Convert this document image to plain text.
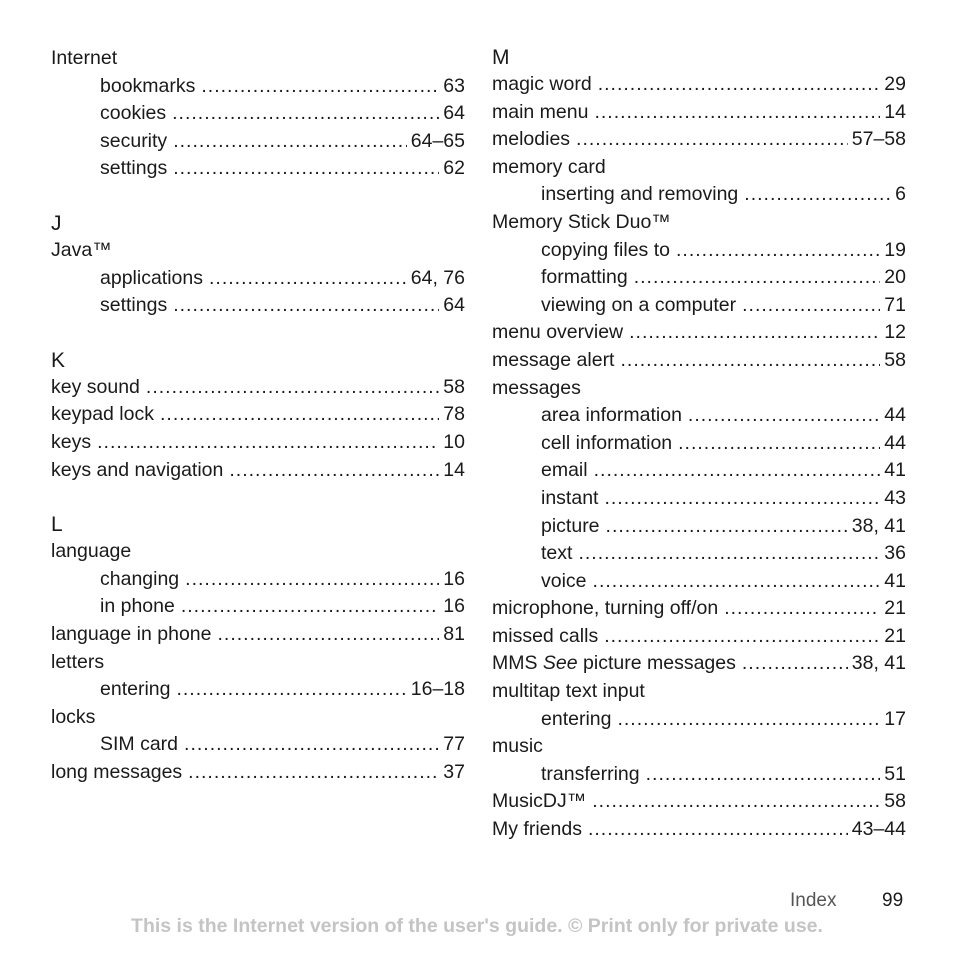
Internet
bookmarks .....	63
cookies .....	64
security .....	64–65
settings .....	62
J
Java™
applications .....	64, 76
settings .....	64
K
key sound .....	58
keypad lock .....	78
keys .....	10
keys and navigation .....	14
L
language
changing .....	16
in phone .....	16
language in phone .....	81
letters
entering .....	16–18
locks
SIM card .....	77
long messages .....	37
M
magic word .....	29
main menu .....	14
melodies .....	57–58
memory card
inserting and removing .....	6
Memory Stick Duo™
copying files to .....	19
formatting .....	20
viewing on a computer .....	71
menu overview .....	12
message alert .....	58
messages
area information .....	44
cell information .....	44
email .....	41
instant .....	43
picture .....	38, 41
text .....	36
voice .....	41
microphone, turning off/on .....	21
missed calls .....	21
MMS See picture messages .....	38, 41
multitap text input
entering .....	17
music
transferring .....	51
MusicDJ™ .....	58
My friends .....	43–44
Index 99
This is the Internet version of the user's guide. © Print only for private use.
